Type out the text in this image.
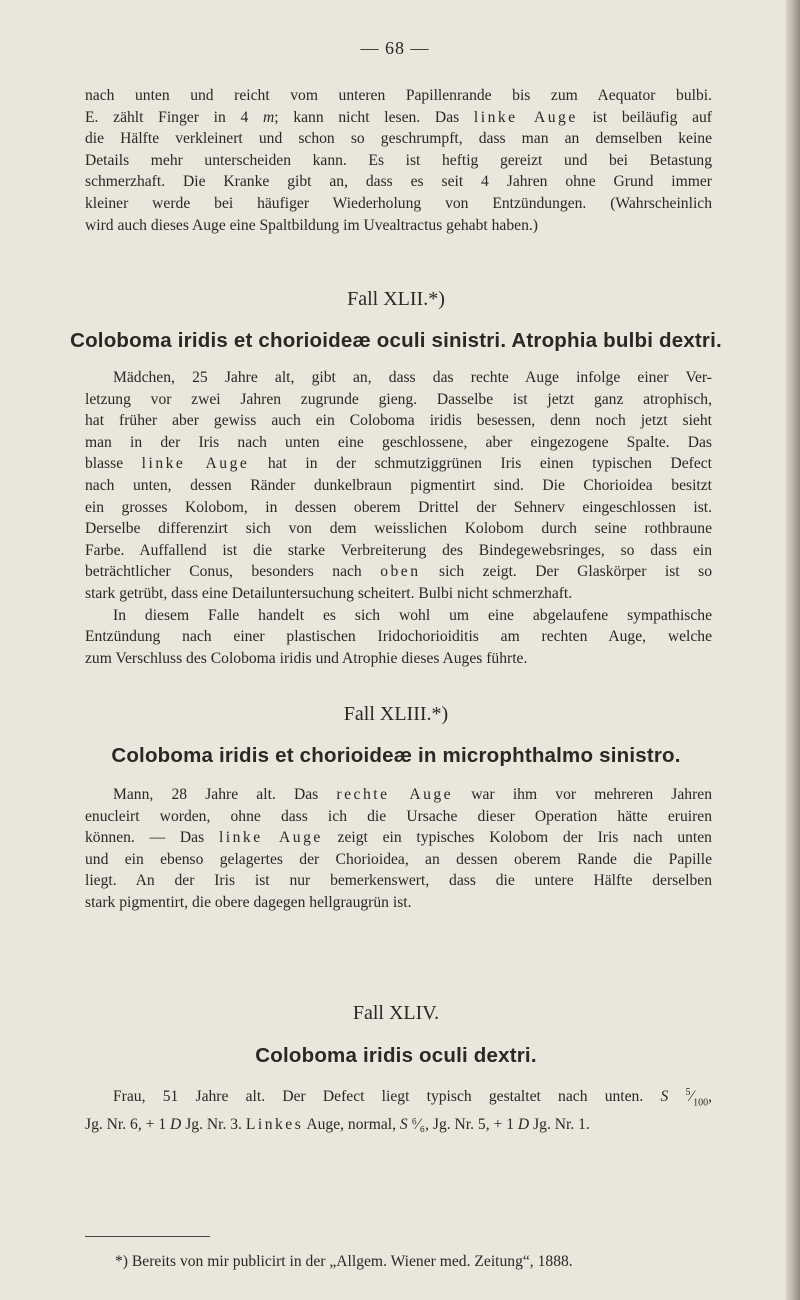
— 68 —

nach unten und reicht vom unteren Papillenrande bis zum Aequator bulbi.
E. zählt Finger in 4 m; kann nicht lesen. Das linke Auge ist beiläufig auf
die Hälfte verkleinert und schon so geschrumpft, dass man an demselben keine
Details mehr unterscheiden kann. Es ist heftig gereizt und bei Betastung
schmerzhaft. Die Kranke gibt an, dass es seit 4 Jahren ohne Grund immer
kleiner werde bei häufiger Wiederholung von Entzündungen. (Wahrscheinlich
wird auch dieses Auge eine Spaltbildung im Uvealtractus gehabt haben.)

Fall XLII.*)
Coloboma iridis et chorioideæ oculi sinistri. Atrophia bulbi dextri.

Mädchen, 25 Jahre alt, gibt an, dass das rechte Auge infolge einer Ver-
letzung vor zwei Jahren zugrunde gieng. Dasselbe ist jetzt ganz atrophisch,
hat früher aber gewiss auch ein Coloboma iridis besessen, denn noch jetzt sieht
man in der Iris nach unten eine geschlossene, aber eingezogene Spalte. Das
blasse linke Auge hat in der schmutziggrünen Iris einen typischen Defect
nach unten, dessen Ränder dunkelbraun pigmentirt sind. Die Chorioidea besitzt
ein grosses Kolobom, in dessen oberem Drittel der Sehnerv eingeschlossen ist.
Derselbe differenzirt sich von dem weisslichen Kolobom durch seine rothbraune
Farbe. Auffallend ist die starke Verbreiterung des Bindegewebsringes, so dass ein
beträchtlicher Conus, besonders nach oben sich zeigt. Der Glaskörper ist so
stark getrübt, dass eine Detailuntersuchung scheitert. Bulbi nicht schmerzhaft.
In diesem Falle handelt es sich wohl um eine abgelaufene sympathische
Entzündung nach einer plastischen Iridochorioiditis am rechten Auge, welche
zum Verschluss des Coloboma iridis und Atrophie dieses Auges führte.

Fall XLIII.*)
Coloboma iridis et chorioideæ in microphthalmo sinistro.

Mann, 28 Jahre alt. Das rechte Auge war ihm vor mehreren Jahren
enucleirt worden, ohne dass ich die Ursache dieser Operation hätte eruiren
können. — Das linke Auge zeigt ein typisches Kolobom der Iris nach unten
und ein ebenso gelagertes der Chorioidea, an dessen oberem Rande die Papille
liegt. An der Iris ist nur bemerkenswert, dass die untere Hälfte derselben
stark pigmentirt, die obere dagegen hellgraugrün ist.

Fall XLIV.
Coloboma iridis oculi dextri.

Frau, 51 Jahre alt. Der Defect liegt typisch gestaltet nach unten. S $^5⁄_{100}$,
Jg. Nr. 6, + 1 D Jg. Nr. 3. Linkes Auge, normal, S ⁶⁄₆, Jg. Nr. 5, + 1 D Jg. Nr. 1.

*) Bereits von mir publicirt in der „Allgem. Wiener med. Zeitung“, 1888.
